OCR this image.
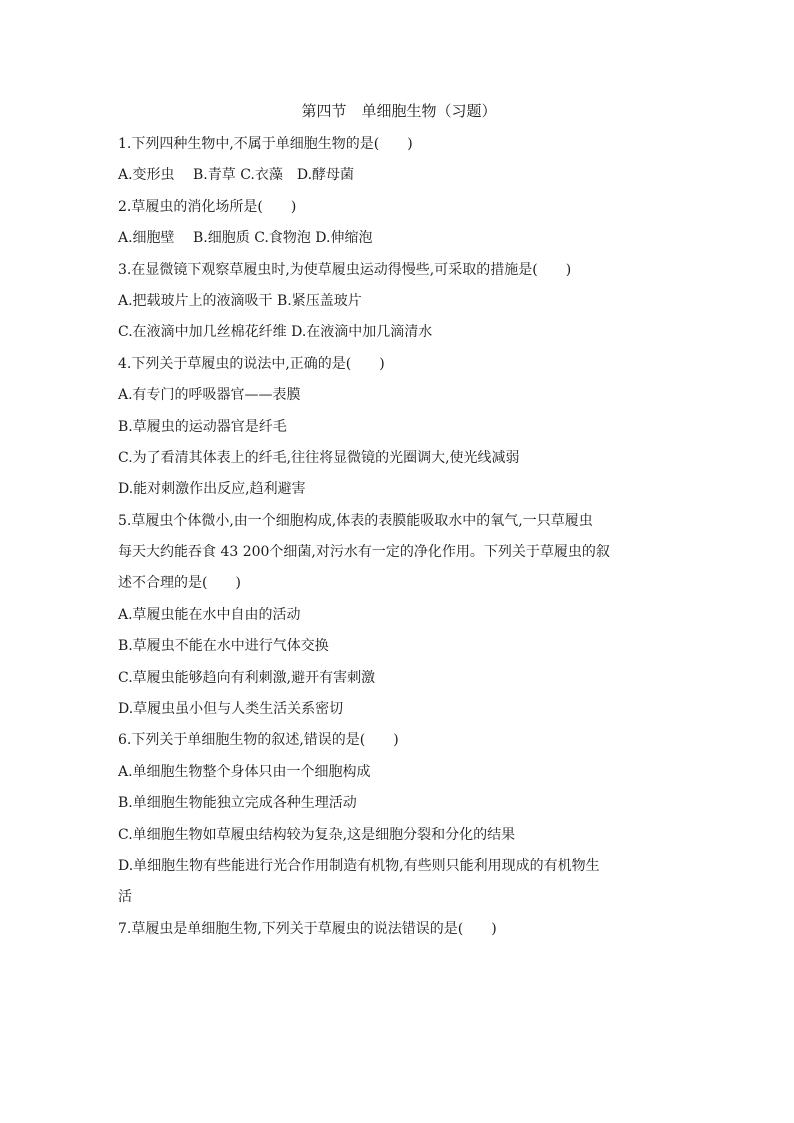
第四节　单细胞生物（习题）
1.下列四种生物中,不属于单细胞生物的是(　　)
A.变形虫　 B.青草 C.衣藻　D.酵母菌
2.草履虫的消化场所是(　　)
A.细胞壁　 B.细胞质 C.食物泡 D.伸缩泡
3.在显微镜下观察草履虫时,为使草履虫运动得慢些,可采取的措施是(　　)
A.把载玻片上的液滴吸干 B.紧压盖玻片
C.在液滴中加几丝棉花纤维 D.在液滴中加几滴清水
4.下列关于草履虫的说法中,正确的是(　　)
A.有专门的呼吸器官——表膜
B.草履虫的运动器官是纤毛
C.为了看清其体表上的纤毛,往往将显微镜的光圈调大,使光线减弱
D.能对刺激作出反应,趋利避害
5.草履虫个体微小,由一个细胞构成,体表的表膜能吸取水中的氧气,一只草履虫
每天大约能吞食 43 200个细菌,对污水有一定的净化作用。下列关于草履虫的叙
述不合理的是(　　)
A.草履虫能在水中自由的活动
B.草履虫不能在水中进行气体交换
C.草履虫能够趋向有利刺激,避开有害刺激
D.草履虫虽小但与人类生活关系密切
6.下列关于单细胞生物的叙述,错误的是(　　)
A.单细胞生物整个身体只由一个细胞构成
B.单细胞生物能独立完成各种生理活动
C.单细胞生物如草履虫结构较为复杂,这是细胞分裂和分化的结果
D.单细胞生物有些能进行光合作用制造有机物,有些则只能利用现成的有机物生
活
7.草履虫是单细胞生物,下列关于草履虫的说法错误的是(　　)
